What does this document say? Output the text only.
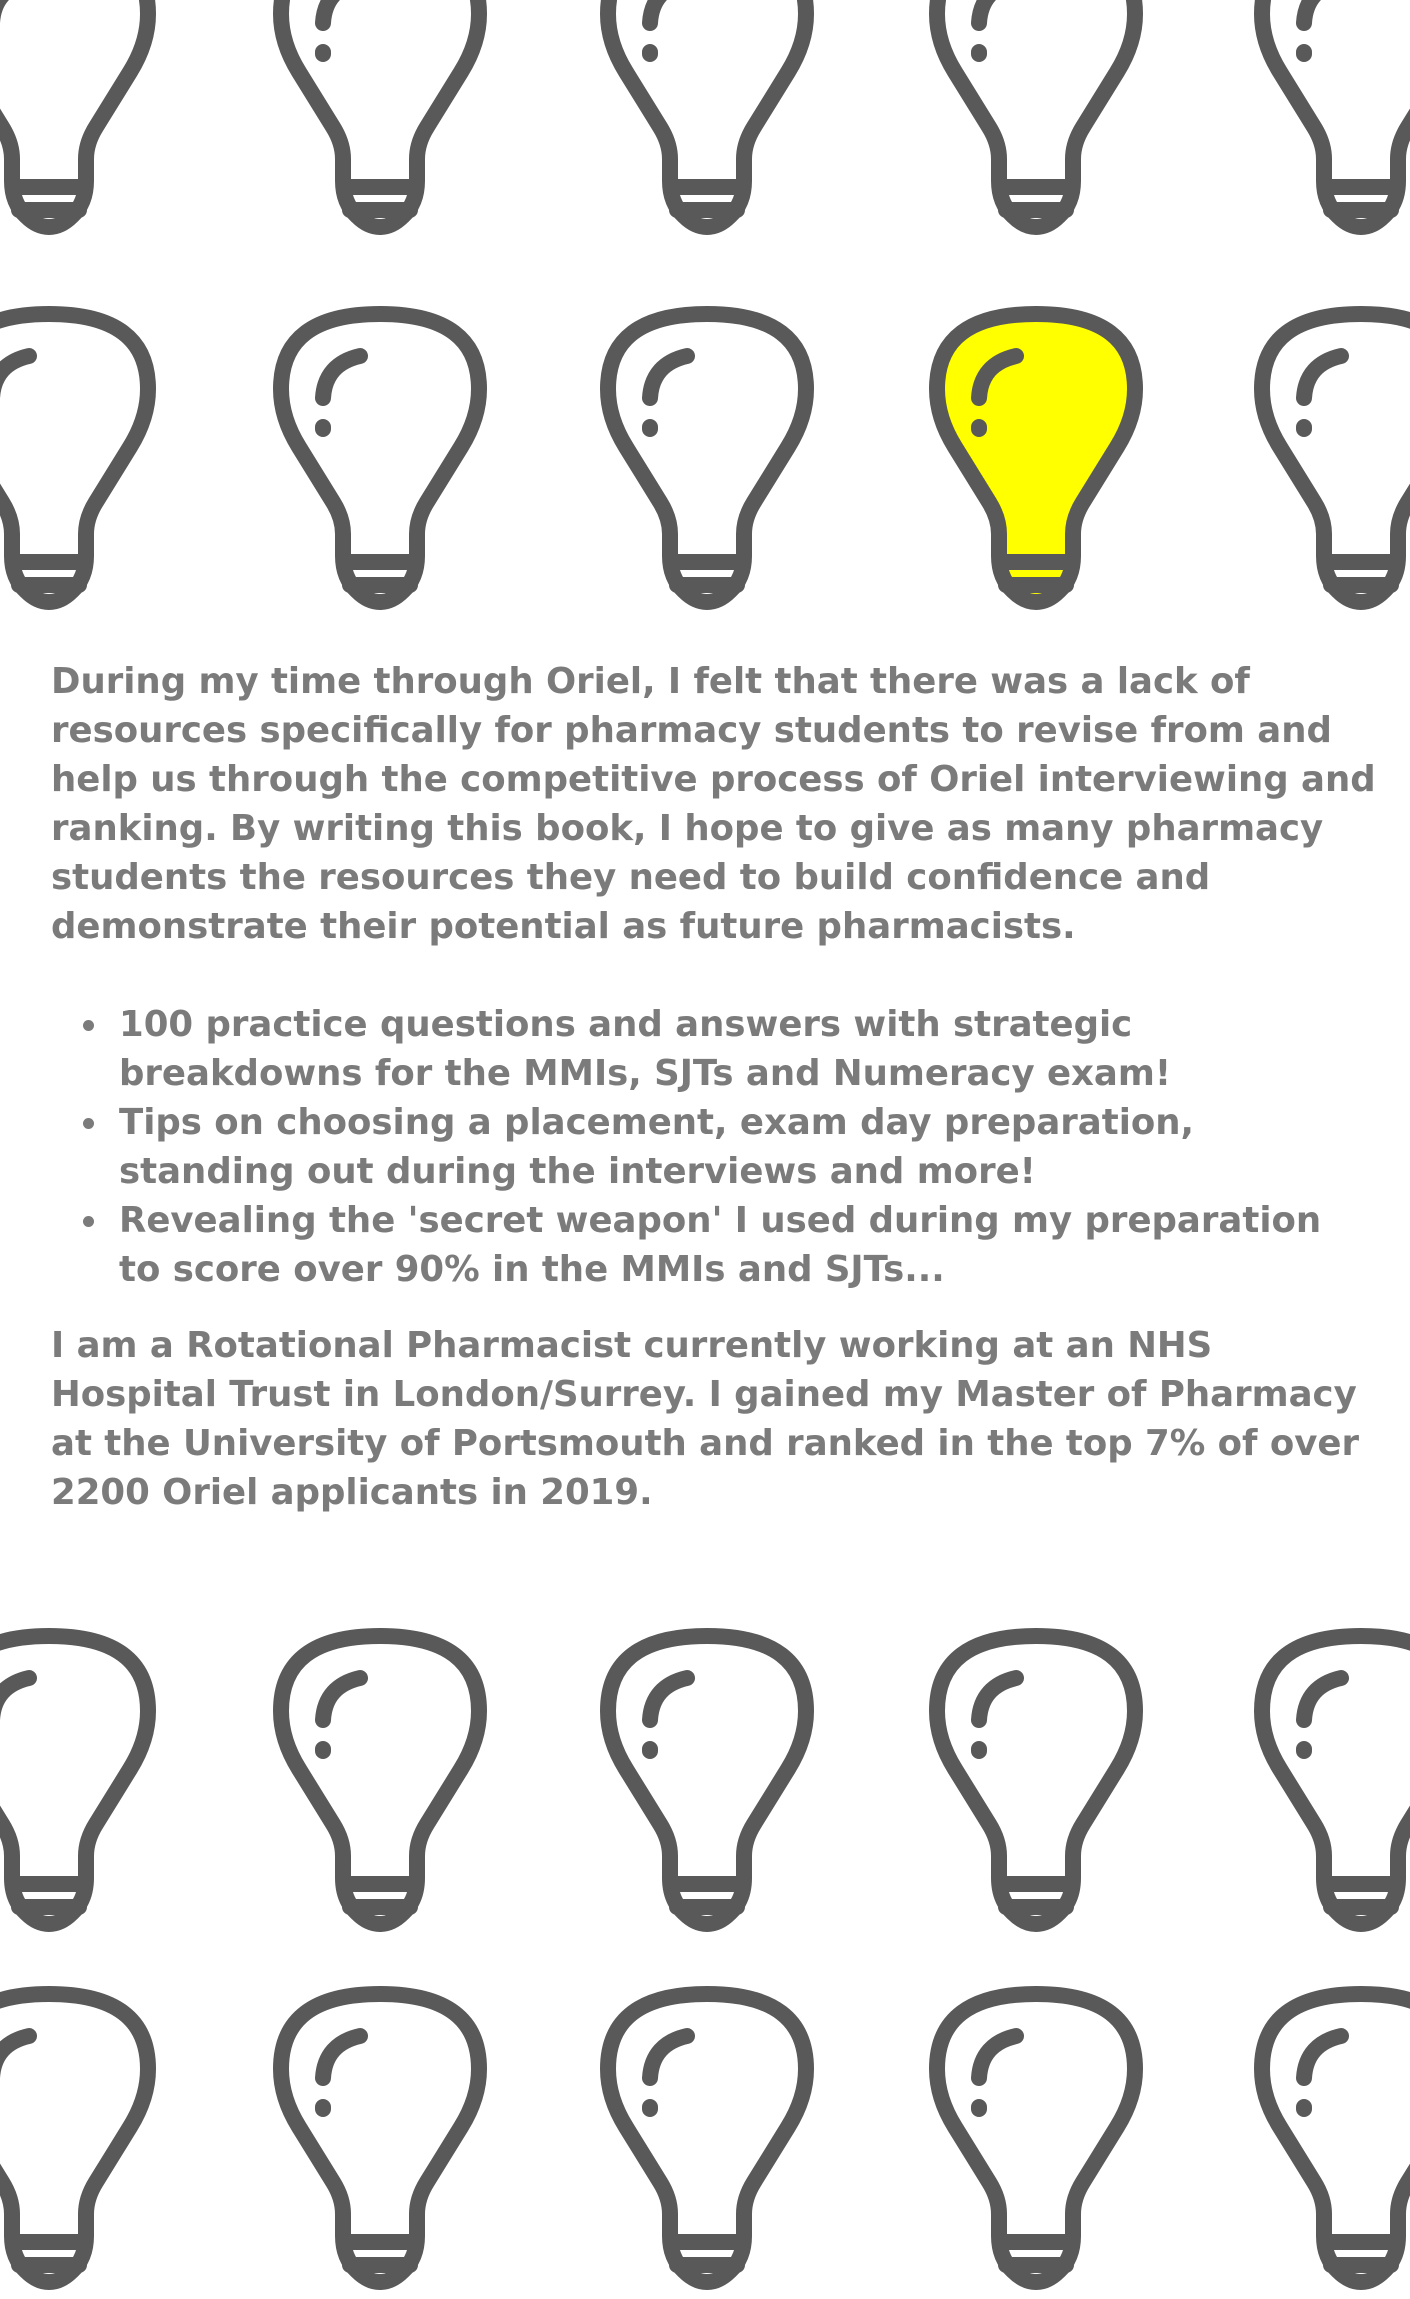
During my time through Oriel, I felt that there was a lack of resources specifically for pharmacy students to revise from and help us through the competitive process of Oriel interviewing and ranking. By writing this book, I hope to give as many pharmacy students the resources they need to build confidence and demonstrate their potential as future pharmacists.

100 practice questions and answers with strategic breakdowns for the MMIs, SJTs and Numeracy exam!
Tips on choosing a placement, exam day preparation, standing out during the interviews and more!
Revealing the 'secret weapon' I used during my preparation to score over 90% in the MMIs and SJTs...

I am a Rotational Pharmacist currently working at an NHS Hospital Trust in London/Surrey. I gained my Master of Pharmacy at the University of Portsmouth and ranked in the top 7% of over 2200 Oriel applicants in 2019.
